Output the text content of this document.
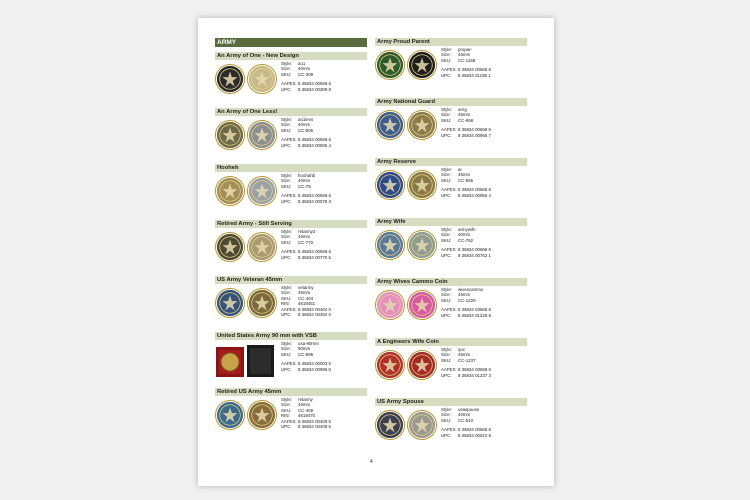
ARMY
An Army of One - New Design
Style:	ao1
Size:	40mm
SKU:	CC-309
AAFES: 8 36834 00668 6
UPC:	8 36834 00309 8
An Army of One Less!
Style:	ao1less
Size:	40mm
SKU:	CC-505
AAFES: 8 36834 00668 6
UPC:	8 36834 00505 4
Hooheh
Style:	hoohahb
Size:	40mm
SKU:	CC-78
AAFES: 8 36834 00668 6
UPC:	8 36834 00078 3
Retired Army - Still Serving
Style:	retarmy2
Size:	45mm
SKU:	CC-770
AAFES: 8 36834 00668 6
UPC:	8 36834 00770 6
US Army Veteran 45mm
Style:	vetarmy
Size:	45mm
SKU:	CC-404
RIN:	4619451
AAFES: 8 36834 00404 0
UPC:	8 36834 00404 0
United States Army 90 mm with VSB
Style:	usa-90mm
Size:	90mm
SKU:	CC-996
AAFES: 8 36834 00003 5
UPC:	8 36834 00996 0
Retired US Army 45mm
Style:	retarmy
Size:	45mm
SKU:	CC-409
RIN:	4619470
AAFES: 8 36834 00409 5
UPC:	8 36834 00409 5
Army Proud Parent
Style:	propar-
Size:	45mm
SKU:	CC-1158
AAFES: 8 36834 00668 6
UPC:	8 36834 01158 1
Army National Guard
Style:	arng
Size:	45mm
SKU:	CC-958
AAFES: 8 36834 00668 6
UPC:	8 36834 00955 7
Army Reserve
Style:	ar
Size:	45mm
SKU:	CC-956
AAFES: 8 36834 00668 6
UPC:	8 36834 00956 4
Army Wife
Style:	armywife
Size:	40mm
SKU:	CC-762
AAFES: 8 36834 00668 6
UPC:	8 36834 00762 1
Army Wives Cammo Coin
Style:	wivescammo
Size:	45mm
SKU:	CC-1229
AAFES: 8 36834 03668 6
UPC:	8 36834 01229 8
A Engineers Wife Coin
Style:	qoc
Size:	45mm
SKU:	CC-1237
AAFES: 8 36834 03668 6
UPC:	8 36834 01237 3
US Army Spouse
Style:	usaspouse
Size:	40mm
SKU:	CC-510
AAFES: 8 36834 00668 6
UPC:	8 36834 00510 8
4
